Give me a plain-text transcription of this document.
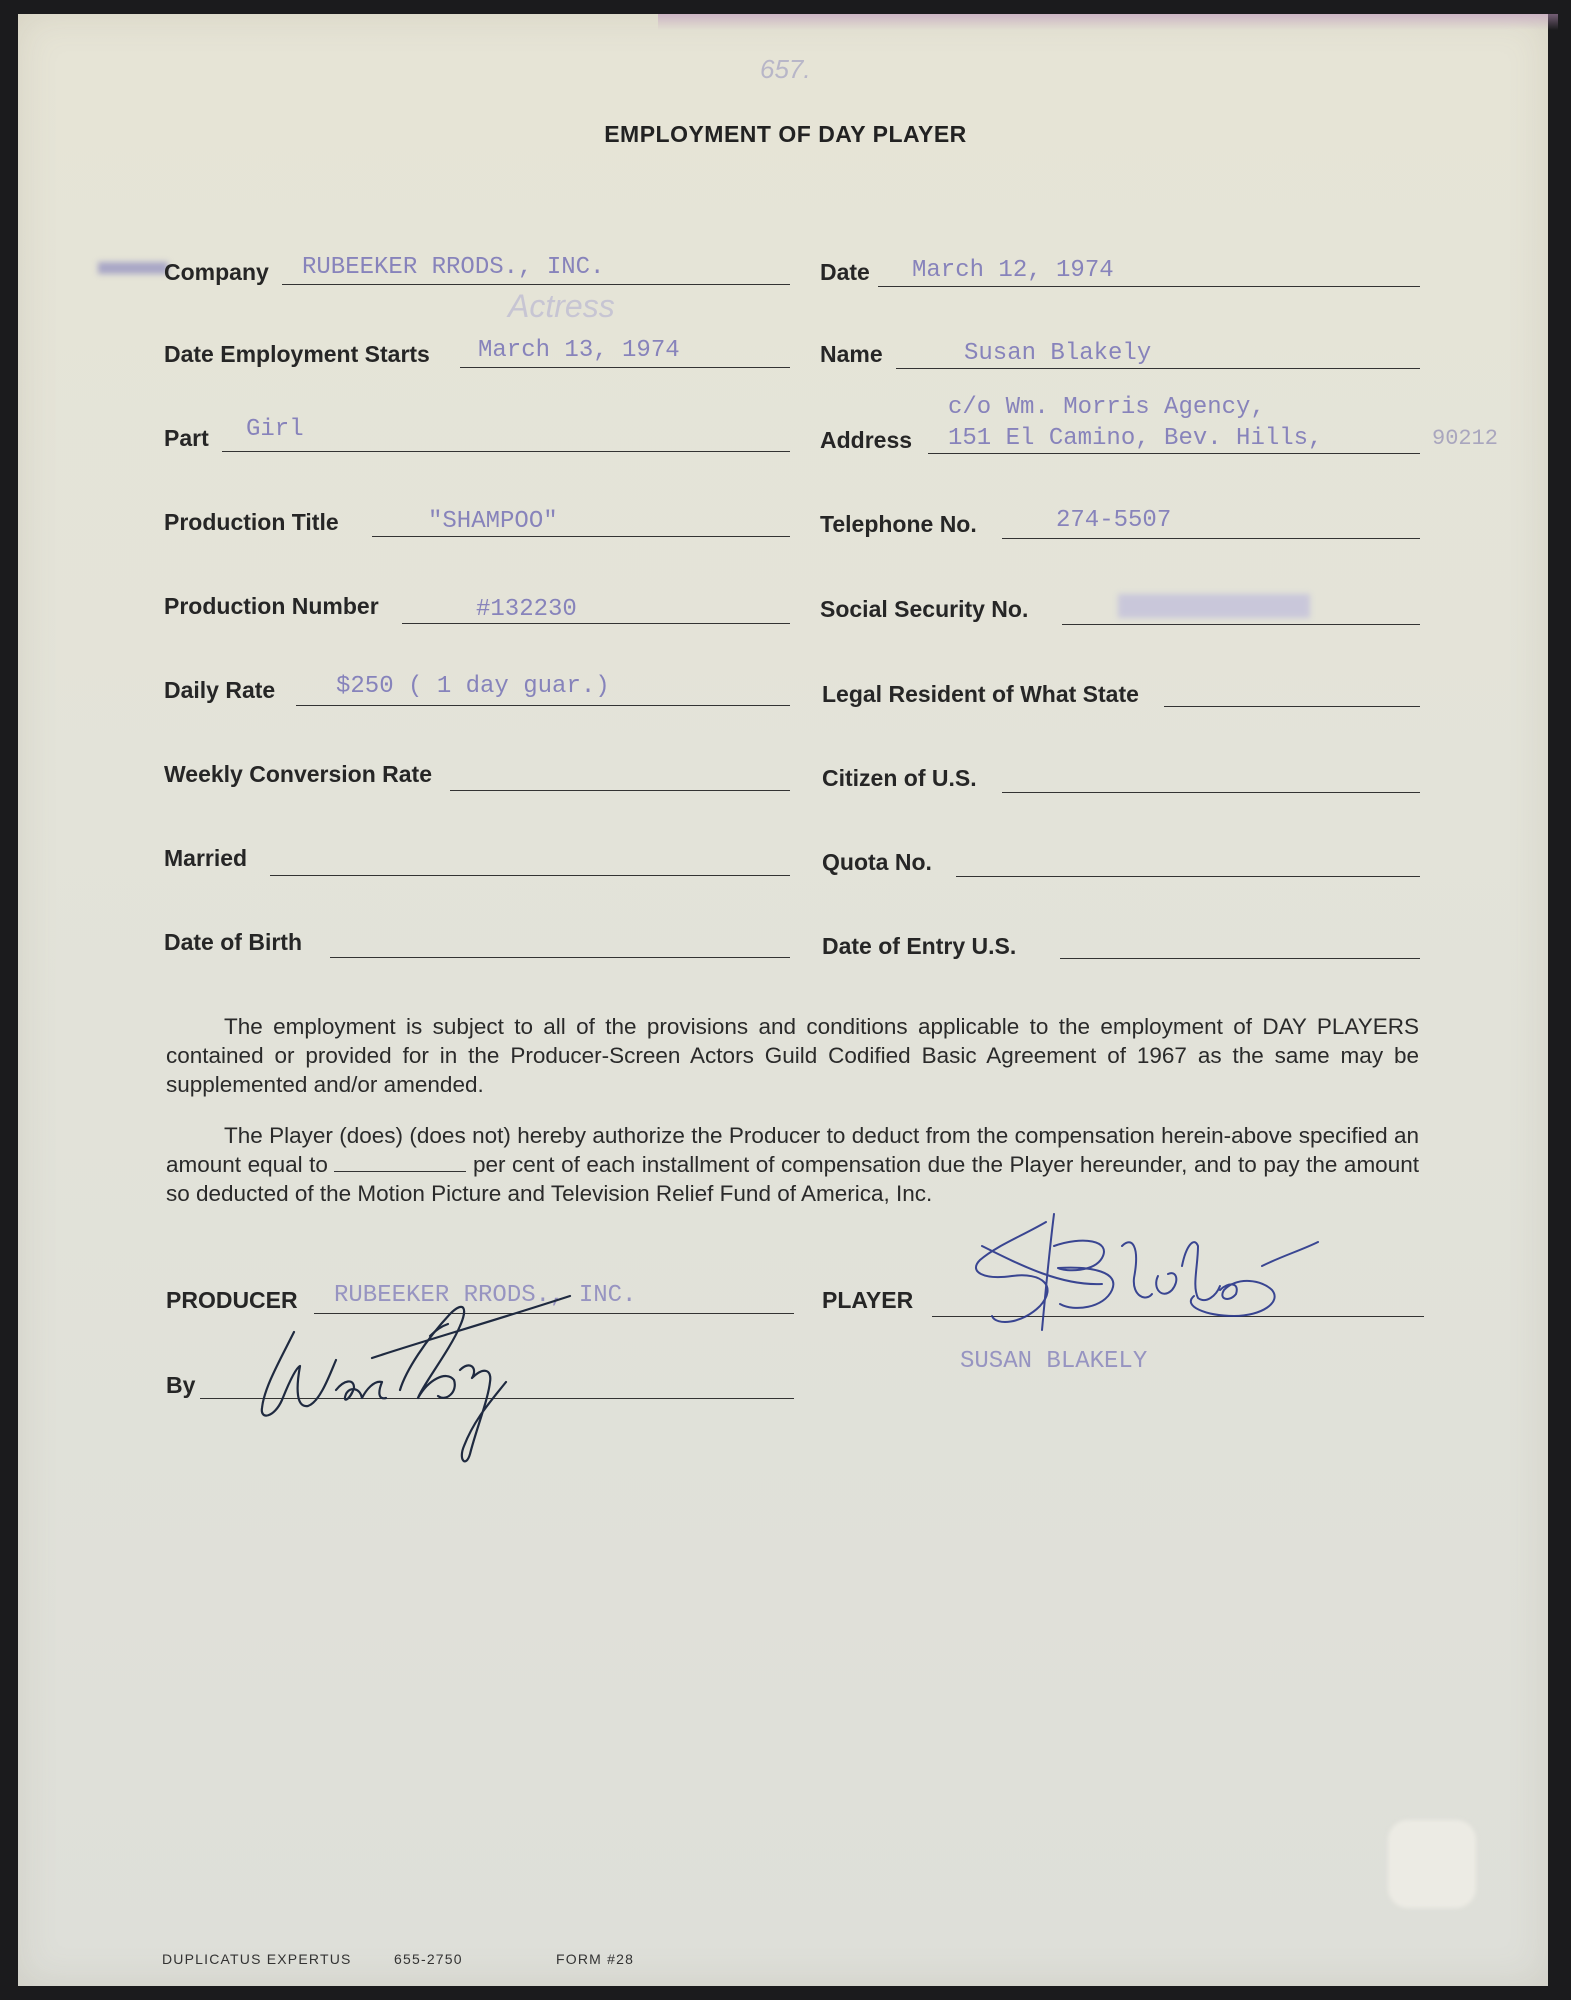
657.
EMPLOYMENT OF DAY PLAYER
Company RUBEEKER RRODS., INC.	Date March 12, 1974
Actress
Date Employment Starts March 13, 1974	Name	Susan Blakely
Part Girl	Address
c/o Wm. Morris Agency,
151 El Camino, Bev. Hills,	90212
Production Title	"SHAMPOO"	Telephone No.	274-5507
Production Number	#132230	Social Security No.
Daily Rate	$250 ( 1 day guar.)	Legal Resident of What State
Weekly Conversion Rate	Citizen of U.S.
Married	Quota No.
Date of Birth	Date of Entry U.S.
The employment is subject to all of the provisions and conditions applicable to the employment of DAY PLAYERS contained or provided for in the Producer-Screen Actors Guild Codified Basic Agreement of 1967 as the same may be supplemented and/or amended.
The Player (does) (does not) hereby authorize the Producer to deduct from the compensation herein-above specified an amount equal to	per cent of each installment of compensation due the Player hereunder, and to pay the amount so deducted of the Motion Picture and Television Relief Fund of America, Inc.
PRODUCER RUBEEKER RRODS., INC.
By
PLAYER
SUSAN BLAKELY
DUPLICATUS EXPERTUS	655-2750	FORM #28
